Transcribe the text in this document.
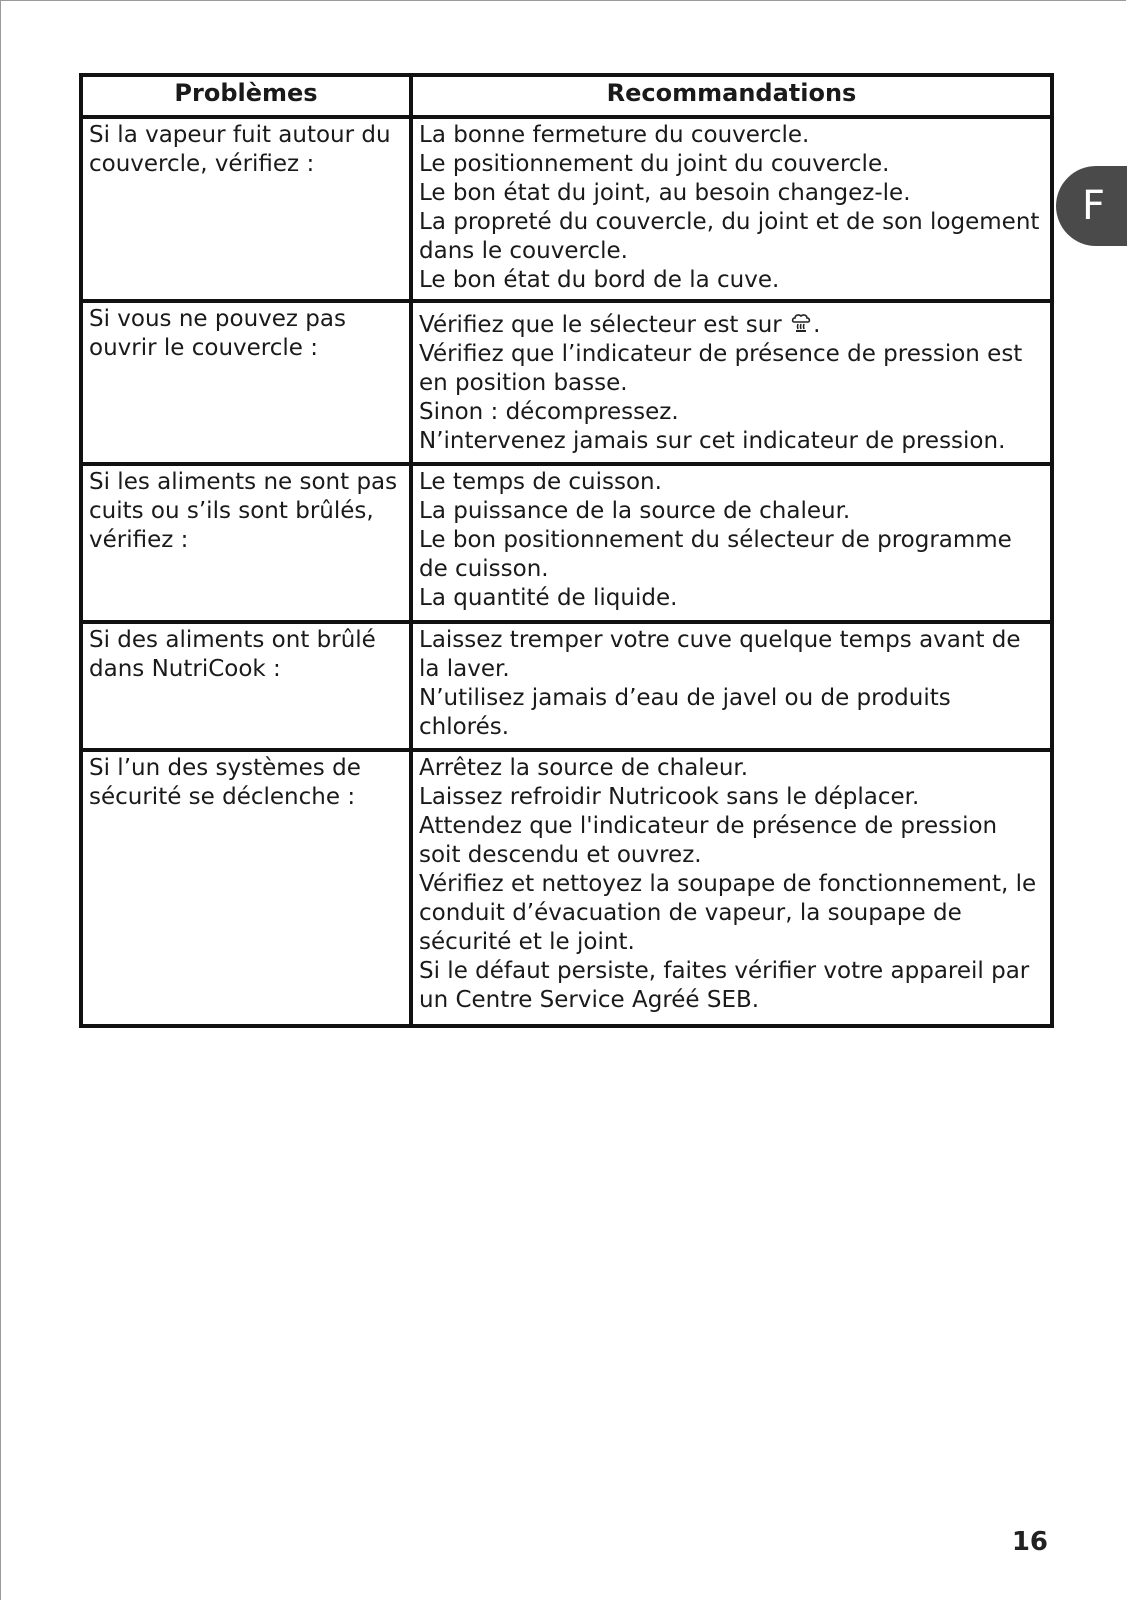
F
Problèmes	Recommandations
Si la vapeur fuit autour du couvercle, vérifiez :	La bonne fermeture du couvercle.
Le positionnement du joint du couvercle.
Le bon état du joint, au besoin changez-le.
La propreté du couvercle, du joint et de son logement dans le couvercle.
Le bon état du bord de la cuve.

Si vous ne pouvez pas ouvrir le couvercle :	Vérifiez que le sélecteur est sur .
Vérifiez que l’indicateur de présence de pression est en position basse.
Sinon : décompressez.
N’intervenez jamais sur cet indicateur de pression.

Si les aliments ne sont pas cuits ou s’ils sont brûlés, vérifiez :	Le temps de cuisson.
La puissance de la source de chaleur.
Le bon positionnement du sélecteur de programme de cuisson.
La quantité de liquide.

Si des aliments ont brûlé dans NutriCook :	Laissez tremper votre cuve quelque temps avant de la laver.
N’utilisez jamais d’eau de javel ou de produits chlorés.

Si l’un des systèmes de sécurité se déclenche :	Arrêtez la source de chaleur.
Laissez refroidir Nutricook sans le déplacer.
Attendez que l'indicateur de présence de pression soit descendu et ouvrez.
Vérifiez et nettoyez la soupape de fonctionnement, le conduit d’évacuation de vapeur, la soupape de sécurité et le joint.
Si le défaut persiste, faites vérifier votre appareil par un Centre Service Agréé SEB.
16
